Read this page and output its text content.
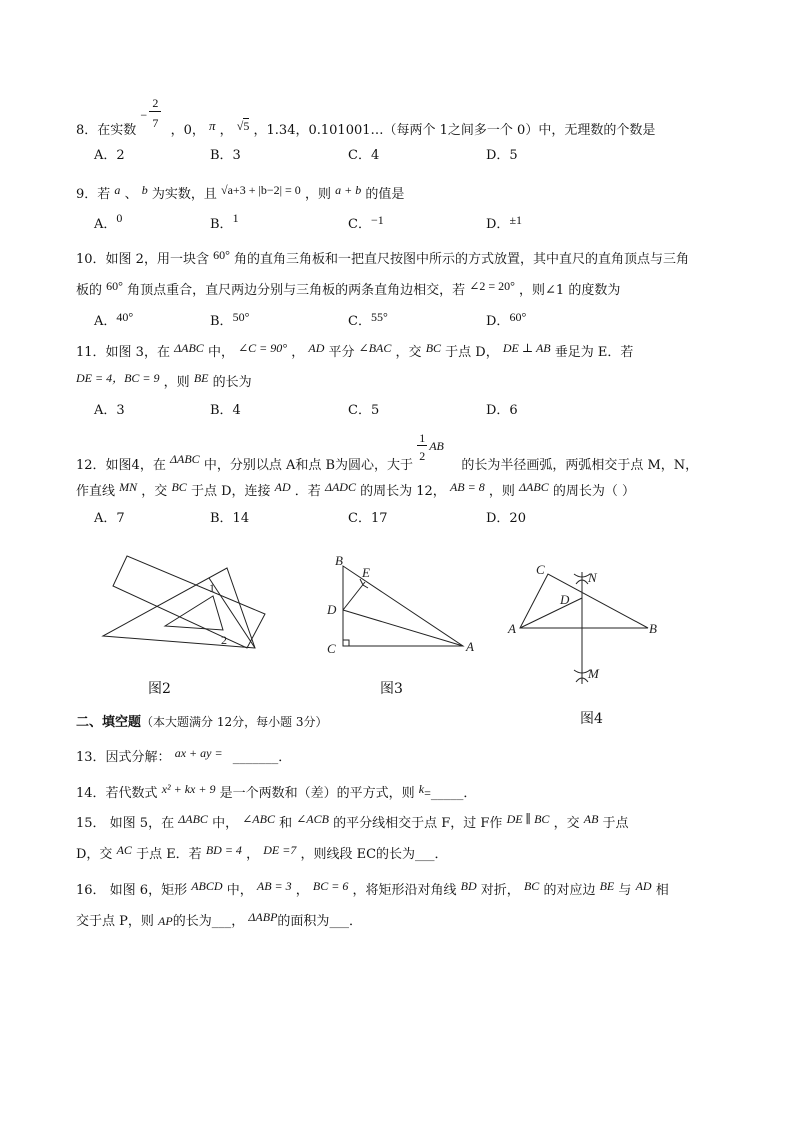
8．在实数
−
2
7 ，0， π ， √5 ，1.34，0.101001…（每两个 1之间多一个 0）中，无理数的个数是
A．2	B．3	C．4	D．5
9．若 a 、 b 为实数，且 √a+3 + |b−2| = 0 ，则 a + b 的值是
A．0	B．1	C．−1	D．±1
10．如图 2，用一块含 60° 角的直角三角板和一把直尺按图中所示的方式放置，其中直尺的直角顶点与三角
板的 60° 角顶点重合，直尺两边分别与三角板的两条直角边相交，若 ∠2 = 20° ，则∠1 的度数为
A．40°	B．50°	C．55°	D．60°
11．如图 3，在 ΔABC 中， ∠C = 90° ， AD 平分 ∠BAC ，交 BC 于点 D， DE ⊥ AB 垂足为 E．若
DE = 4，BC = 9 ，则 BE 的长为
A．3	B．4	C．5	D．6
12．如图4，在 ΔABC 中，分别以点 A和点 B为圆心，大于
1
2
AB
的长为半径画弧，两弧相交于点 M，N，
作直线 MN ，交 BC 于点 D，连接 AD ．若 ΔADC 的周长为 12， AB = 8 ，则 ΔABC 的周长为（ ）
A．7	B．14	C．17	D．20
1
2
图2
B
E
D
C	A
图3
C
N
D
A	B
M
图4
二、填空题（本大题满分 12分，每小题 3分）
13．因式分解： ax + ay = _______．
14．若代数式 x² + kx + 9 是一个两数和（差）的平方式，则 k=_____．
15． 如图 5，在 ΔABC 中， ∠ABC 和 ∠ACB 的平分线相交于点 F，过 F作 DE ∥ BC ，交 AB 于点
D，交 AC 于点 E．若 BD = 4 ， DE =7 ，则线段 EC的长为___．
16． 如图 6，矩形 ABCD 中， AB = 3 ， BC = 6 ，将矩形沿对角线 BD 对折， BC 的对应边 BE 与 AD 相
交于点 P，则 AP的长为___， ΔABP的面积为___．
